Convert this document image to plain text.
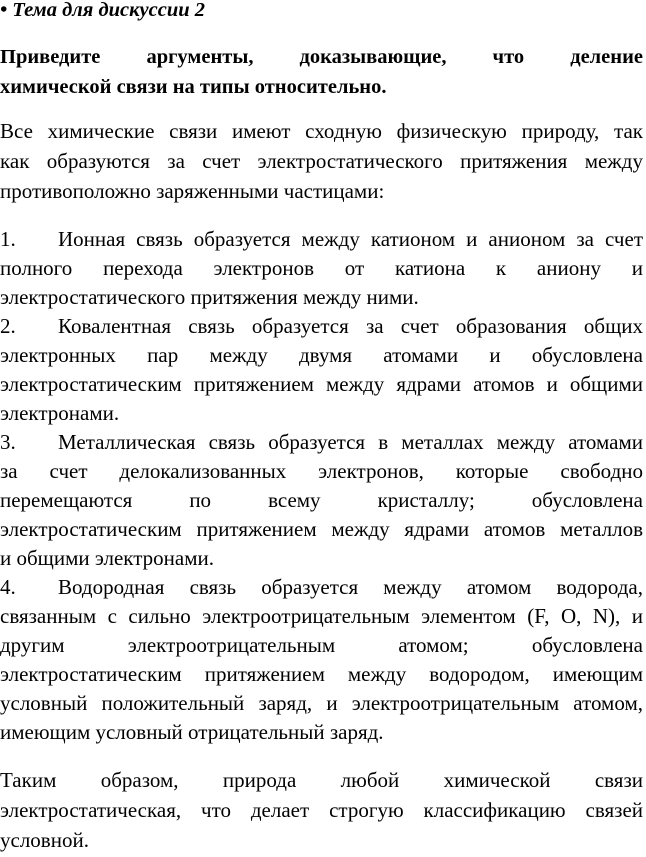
• Тема для дискуссии 2
Приведите аргументы, доказывающие, что деление
химической связи на типы относительно.
Все химические связи имеют сходную физическую природу, так
как образуются за счет электростатического притяжения между
противоположно заряженными частицами:
1. Ионная связь образуется между катионом и анионом за счет
полного перехода электронов от катиона к аниону и
электростатического притяжения между ними.
2. Ковалентная связь образуется за счет образования общих
электронных пар между двумя атомами и обусловлена
электростатическим притяжением между ядрами атомов и общими
электронами.
3. Металлическая связь образуется в металлах между атомами
за счет делокализованных электронов, которые свободно
перемещаются по всему кристаллу; обусловлена
электростатическим притяжением между ядрами атомов металлов
и общими электронами.
4. Водородная связь образуется между атомом водорода,
связанным с сильно электроотрицательным элементом (F, O, N), и
другим электроотрицательным атомом; обусловлена
электростатическим притяжением между водородом, имеющим
условный положительный заряд, и электроотрицательным атомом,
имеющим условный отрицательный заряд.
Таким образом, природа любой химической связи
электростатическая, что делает строгую классификацию связей
условной.
